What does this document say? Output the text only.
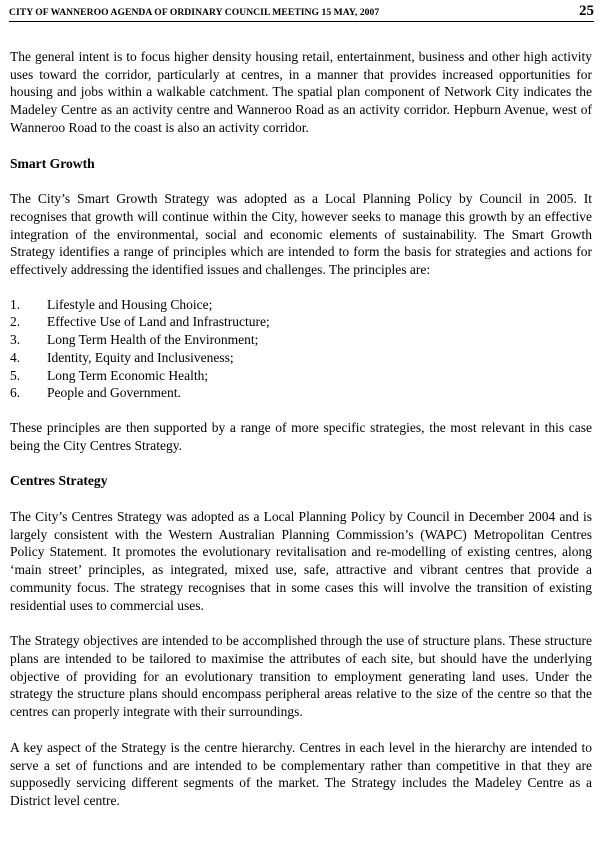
CITY OF WANNEROO AGENDA OF ORDINARY COUNCIL MEETING 15 MAY, 2007	25

The general intent is to focus higher density housing retail, entertainment, business and other high activity uses toward the corridor, particularly at centres, in a manner that provides increased opportunities for housing and jobs within a walkable catchment. The spatial plan component of Network City indicates the Madeley Centre as an activity centre and Wanneroo Road as an activity corridor. Hepburn Avenue, west of Wanneroo Road to the coast is also an activity corridor.

Smart Growth

The City’s Smart Growth Strategy was adopted as a Local Planning Policy by Council in 2005. It recognises that growth will continue within the City, however seeks to manage this growth by an effective integration of the environmental, social and economic elements of sustainability. The Smart Growth Strategy identifies a range of principles which are intended to form the basis for strategies and actions for effectively addressing the identified issues and challenges. The principles are:

1.	Lifestyle and Housing Choice;
2.	Effective Use of Land and Infrastructure;
3.	Long Term Health of the Environment;
4.	Identity, Equity and Inclusiveness;
5.	Long Term Economic Health;
6.	People and Government.

These principles are then supported by a range of more specific strategies, the most relevant in this case being the City Centres Strategy.

Centres Strategy

The City’s Centres Strategy was adopted as a Local Planning Policy by Council in December 2004 and is largely consistent with the Western Australian Planning Commission’s (WAPC) Metropolitan Centres Policy Statement. It promotes the evolutionary revitalisation and re-modelling of existing centres, along ‘main street’ principles, as integrated, mixed use, safe, attractive and vibrant centres that provide a community focus. The strategy recognises that in some cases this will involve the transition of existing residential uses to commercial uses.

The Strategy objectives are intended to be accomplished through the use of structure plans. These structure plans are intended to be tailored to maximise the attributes of each site, but should have the underlying objective of providing for an evolutionary transition to employment generating land uses. Under the strategy the structure plans should encompass peripheral areas relative to the size of the centre so that the centres can properly integrate with their surroundings.

A key aspect of the Strategy is the centre hierarchy. Centres in each level in the hierarchy are intended to serve a set of functions and are intended to be complementary rather than competitive in that they are supposedly servicing different segments of the market. The Strategy includes the Madeley Centre as a District level centre.
